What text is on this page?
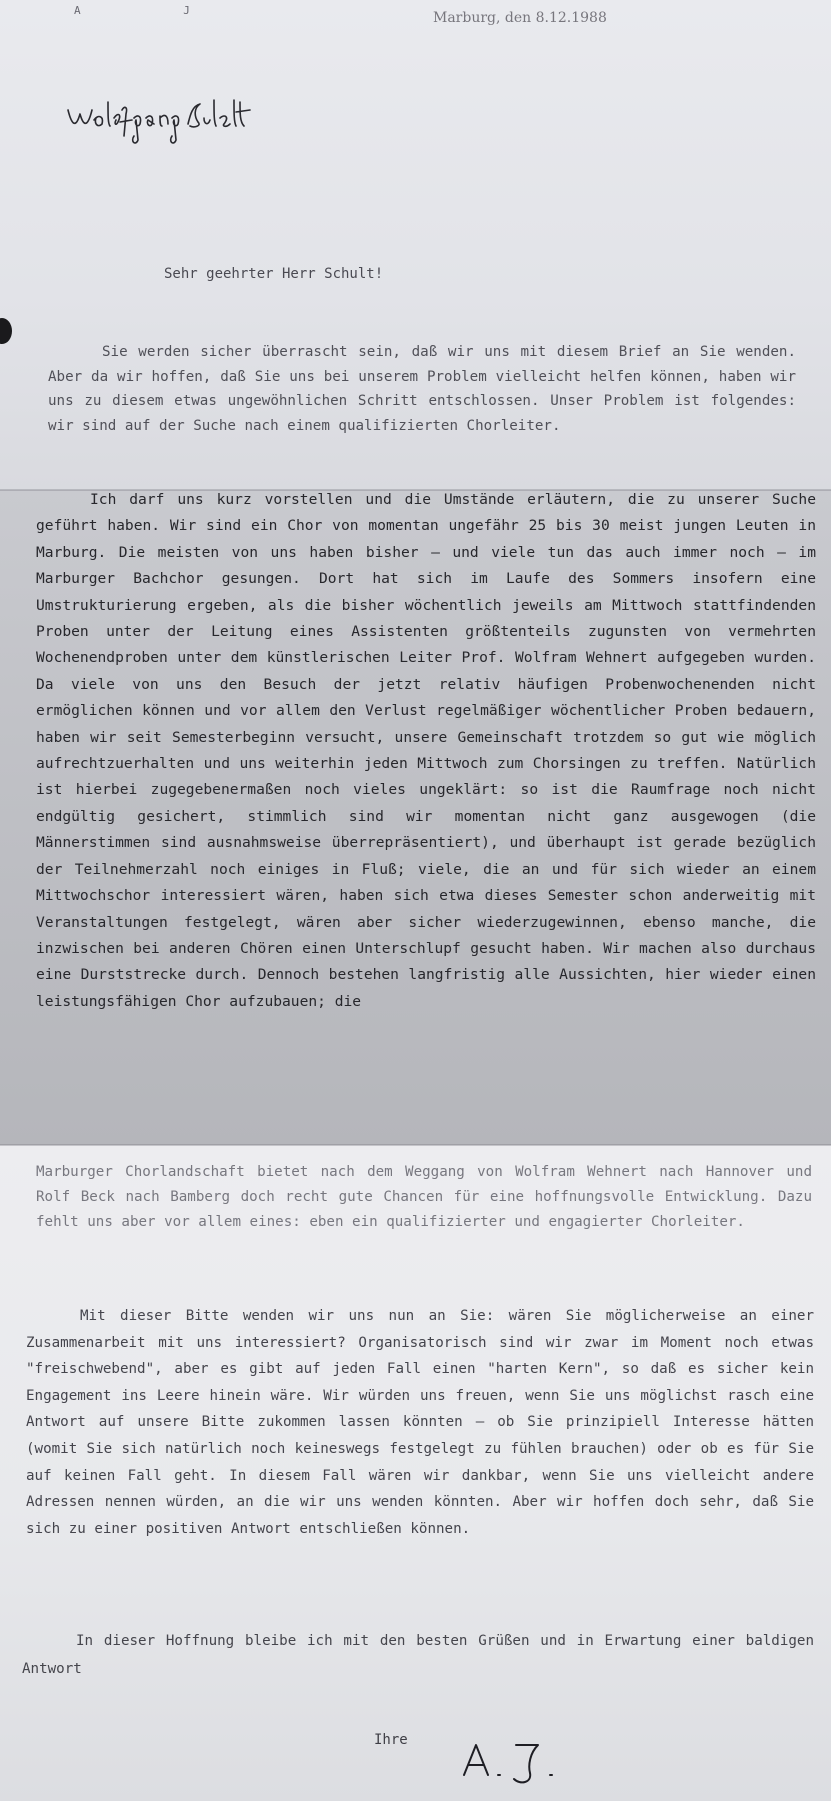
A J	Marburg, den 8.12.1988
Sehr geehrter Herr Schult!

Sie werden sicher überrascht sein, daß wir uns mit diesem Brief an Sie wenden. Aber da wir hoffen, daß Sie uns bei unserem Problem vielleicht helfen können, haben wir uns zu diesem etwas ungewöhnlichen Schritt entschlossen. Unser Problem ist folgendes: wir sind auf der Suche nach einem qualifizierten Chorleiter.

Ich darf uns kurz vorstellen und die Umstände erläutern, die zu unserer Suche geführt haben. Wir sind ein Chor von momentan ungefähr 25 bis 30 meist jungen Leuten in Marburg. Die meisten von uns haben bisher – und viele tun das auch immer noch – im Marburger Bachchor gesungen. Dort hat sich im Laufe des Sommers insofern eine Umstrukturierung ergeben, als die bisher wöchentlich jeweils am Mittwoch stattfindenden Proben unter der Leitung eines Assistenten größtenteils zugunsten von vermehrten Wochenendproben unter dem künstlerischen Leiter Prof. Wolfram Wehnert aufgegeben wurden. Da viele von uns den Besuch der jetzt relativ häufigen Probenwochenenden nicht ermöglichen können und vor allem den Verlust regelmäßiger wöchentlicher Proben bedauern, haben wir seit Semesterbeginn versucht, unsere Gemeinschaft trotzdem so gut wie möglich aufrechtzuerhalten und uns weiterhin jeden Mittwoch zum Chorsingen zu treffen. Natürlich ist hierbei zugegebenermaßen noch vieles ungeklärt: so ist die Raumfrage noch nicht endgültig gesichert, stimmlich sind wir momentan nicht ganz ausgewogen (die Männerstimmen sind ausnahmsweise überrepräsentiert), und überhaupt ist gerade bezüglich der Teilnehmerzahl noch einiges in Fluß; viele, die an und für sich wieder an einem Mittwochschor interessiert wären, haben sich etwa dieses Semester schon anderweitig mit Veranstaltungen festgelegt, wären aber sicher wiederzugewinnen, ebenso manche, die inzwischen bei anderen Chören einen Unterschlupf gesucht haben. Wir machen also durchaus eine Durststrecke durch. Dennoch bestehen langfristig alle Aussichten, hier wieder einen leistungsfähigen Chor aufzubauen; die

Marburger Chorlandschaft bietet nach dem Weggang von Wolfram Wehnert nach Hannover und Rolf Beck nach Bamberg doch recht gute Chancen für eine hoffnungsvolle Entwicklung. Dazu fehlt uns aber vor allem eines: eben ein qualifizierter und engagierter Chorleiter.

Mit dieser Bitte wenden wir uns nun an Sie: wären Sie möglicherweise an einer Zusammenarbeit mit uns interessiert? Organisatorisch sind wir zwar im Moment noch etwas "freischwebend", aber es gibt auf jeden Fall einen "harten Kern", so daß es sicher kein Engagement ins Leere hinein wäre. Wir würden uns freuen, wenn Sie uns möglichst rasch eine Antwort auf unsere Bitte zukommen lassen könnten – ob Sie prinzipiell Interesse hätten (womit Sie sich natürlich noch keineswegs festgelegt zu fühlen brauchen) oder ob es für Sie auf keinen Fall geht. In diesem Fall wären wir dankbar, wenn Sie uns vielleicht andere Adressen nennen würden, an die wir uns wenden könnten. Aber wir hoffen doch sehr, daß Sie sich zu einer positiven Antwort entschließen können.

In dieser Hoffnung bleibe ich mit den besten Grüßen und in Erwartung einer baldigen Antwort

Ihre
